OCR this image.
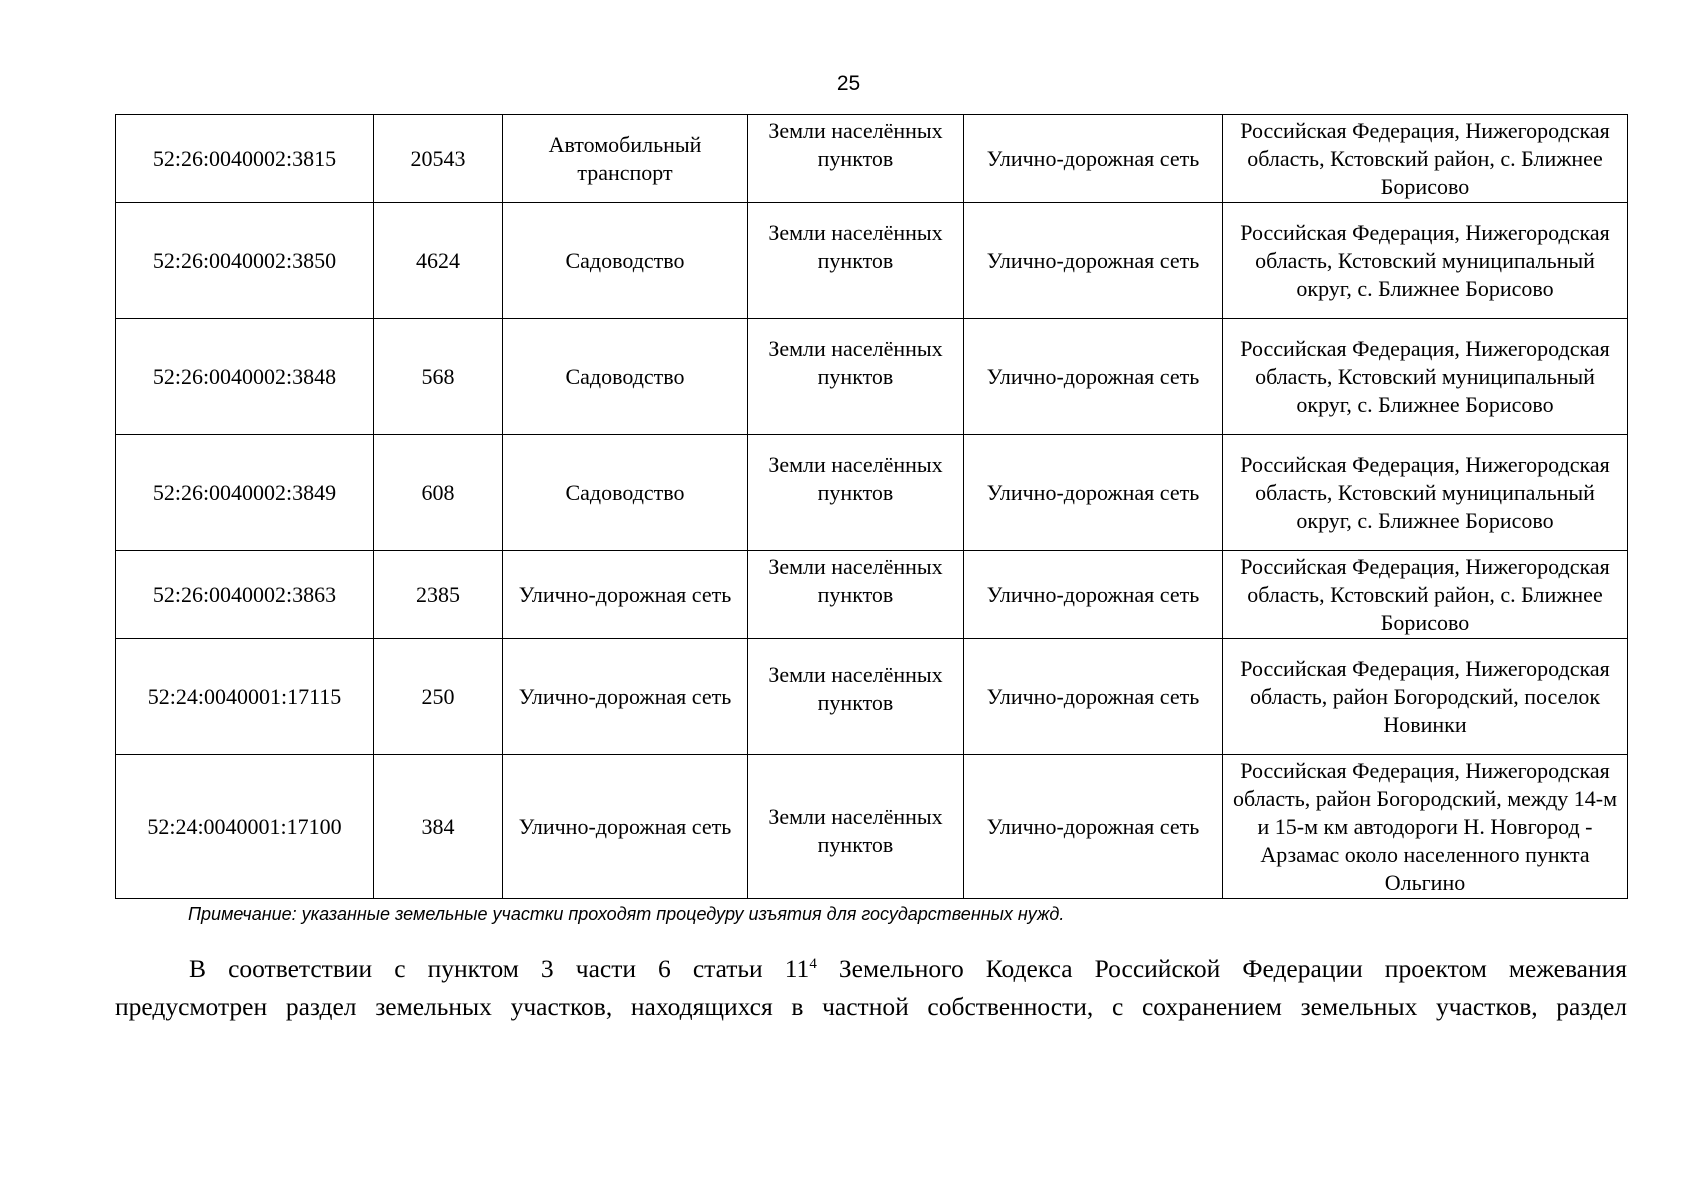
25
52:26:0040002:3815	20543	Автомобильный транспорт	Земли населённых пунктов	Улично-дорожная сеть	Российская Федерация, Нижегородская область, Кстовский район, с. Ближнее Борисово
52:26:0040002:3850	4624	Садоводство	Земли населённых пунктов	Улично-дорожная сеть	Российская Федерация, Нижегородская область, Кстовский муниципальный округ, с. Ближнее Борисово
52:26:0040002:3848	568	Садоводство	Земли населённых пунктов	Улично-дорожная сеть	Российская Федерация, Нижегородская область, Кстовский муниципальный округ, с. Ближнее Борисово
52:26:0040002:3849	608	Садоводство	Земли населённых пунктов	Улично-дорожная сеть	Российская Федерация, Нижегородская область, Кстовский муниципальный округ, с. Ближнее Борисово
52:26:0040002:3863	2385	Улично-дорожная сеть	Земли населённых пунктов	Улично-дорожная сеть	Российская Федерация, Нижегородская область, Кстовский район, с. Ближнее Борисово
52:24:0040001:17115	250	Улично-дорожная сеть	Земли населённых пунктов	Улично-дорожная сеть	Российская Федерация, Нижегородская область, район Богородский, поселок Новинки
52:24:0040001:17100	384	Улично-дорожная сеть	Земли населённых пунктов	Улично-дорожная сеть	Российская Федерация, Нижегородская область, район Богородский, между 14-м и 15-м км автодороги Н. Новгород - Арзамас около населенного пункта Ольгино
Примечание: указанные земельные участки проходят процедуру изъятия для государственных нужд.
В соответствии с пунктом 3 части 6 статьи $11^4$ Земельного Кодекса Российской Федерации проектом межевания
предусмотрен раздел земельных участков, находящихся в частной собственности, с сохранением земельных участков, раздел
